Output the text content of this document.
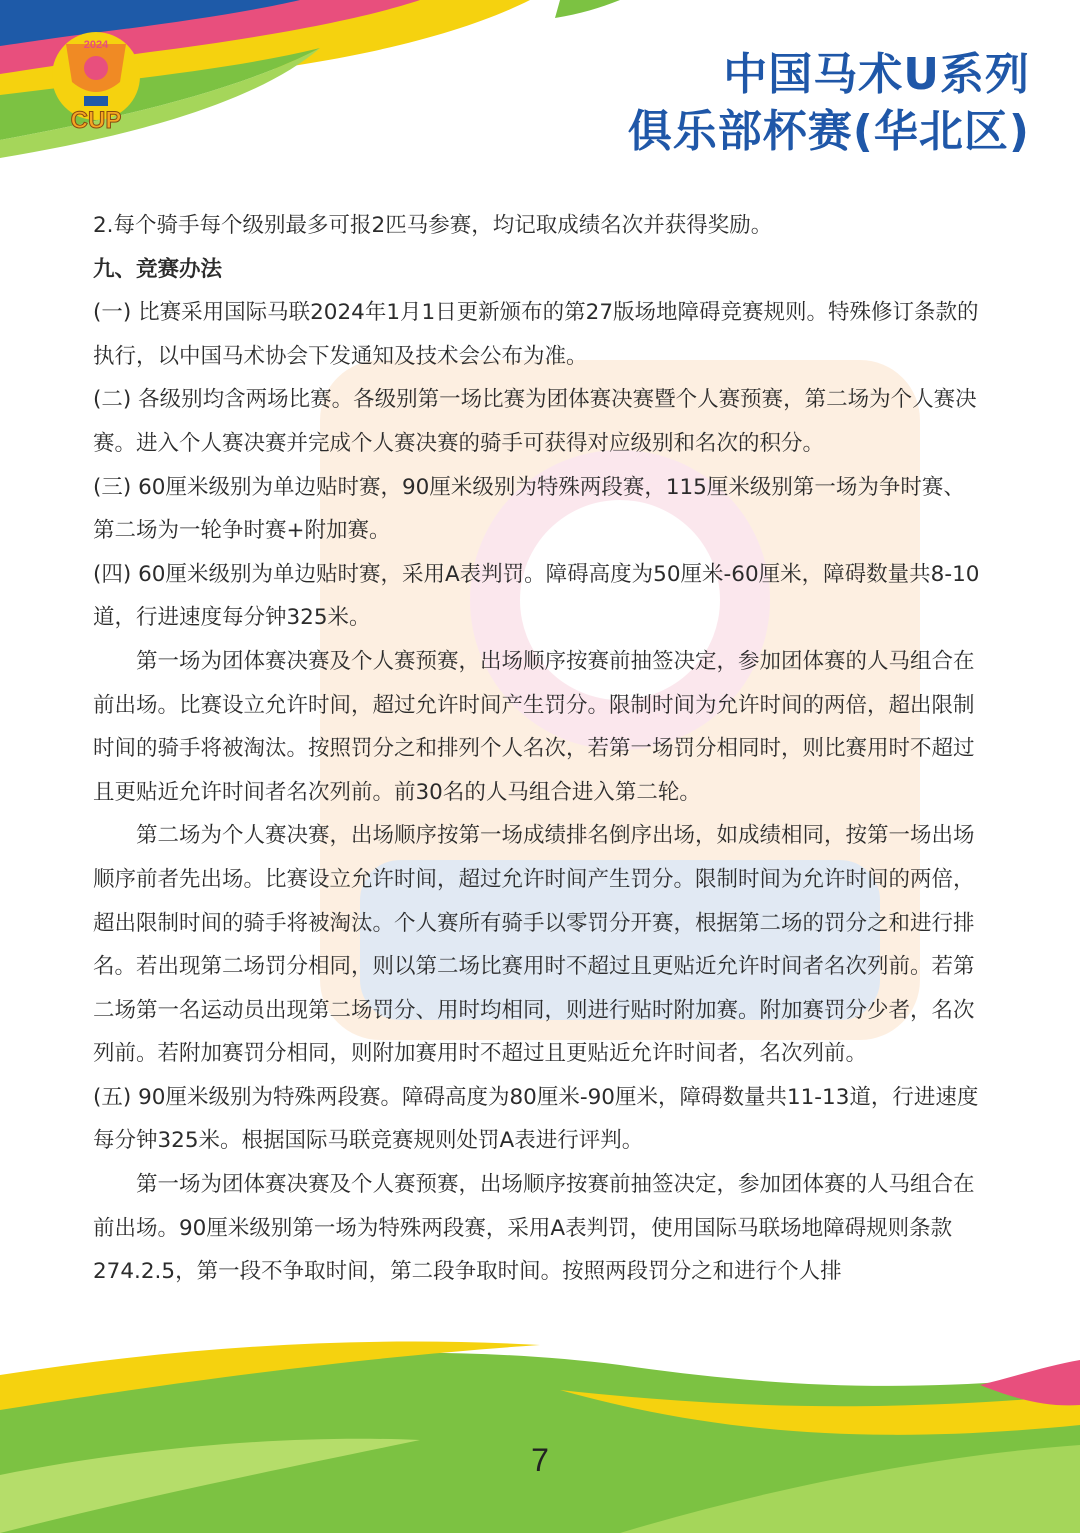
2024
CUP
中国马术U系列
俱乐部杯赛(华北区)

2.每个骑手每个级别最多可报2匹马参赛，均记取成绩名次并获得奖励。

九、竞赛办法

(一) 比赛采用国际马联2024年1月1日更新颁布的第27版场地障碍竞赛规则。特殊修订条款的执行，以中国马术协会下发通知及技术会公布为准。

(二) 各级别均含两场比赛。各级别第一场比赛为团体赛决赛暨个人赛预赛，第二场为个人赛决赛。进入个人赛决赛并完成个人赛决赛的骑手可获得对应级别和名次的积分。

(三) 60厘米级别为单边贴时赛，90厘米级别为特殊两段赛，115厘米级别第一场为争时赛、第二场为一轮争时赛+附加赛。

(四) 60厘米级别为单边贴时赛，采用A表判罚。障碍高度为50厘米-60厘米，障碍数量共8-10道，行进速度每分钟325米。

第一场为团体赛决赛及个人赛预赛，出场顺序按赛前抽签决定，参加团体赛的人马组合在前出场。比赛设立允许时间，超过允许时间产生罚分。限制时间为允许时间的两倍，超出限制时间的骑手将被淘汰。按照罚分之和排列个人名次，若第一场罚分相同时，则比赛用时不超过且更贴近允许时间者名次列前。前30名的人马组合进入第二轮。

第二场为个人赛决赛，出场顺序按第一场成绩排名倒序出场，如成绩相同，按第一场出场顺序前者先出场。比赛设立允许时间，超过允许时间产生罚分。限制时间为允许时间的两倍，超出限制时间的骑手将被淘汰。个人赛所有骑手以零罚分开赛，根据第二场的罚分之和进行排名。若出现第二场罚分相同，则以第二场比赛用时不超过且更贴近允许时间者名次列前。若第二场第一名运动员出现第二场罚分、用时均相同，则进行贴时附加赛。附加赛罚分少者，名次列前。若附加赛罚分相同，则附加赛用时不超过且更贴近允许时间者，名次列前。

(五) 90厘米级别为特殊两段赛。障碍高度为80厘米-90厘米，障碍数量共11-13道，行进速度每分钟325米。根据国际马联竞赛规则处罚A表进行评判。

第一场为团体赛决赛及个人赛预赛，出场顺序按赛前抽签决定，参加团体赛的人马组合在前出场。90厘米级别第一场为特殊两段赛，采用A表判罚，使用国际马联场地障碍规则条款274.2.5，第一段不争取时间，第二段争取时间。按照两段罚分之和进行个人排

7
